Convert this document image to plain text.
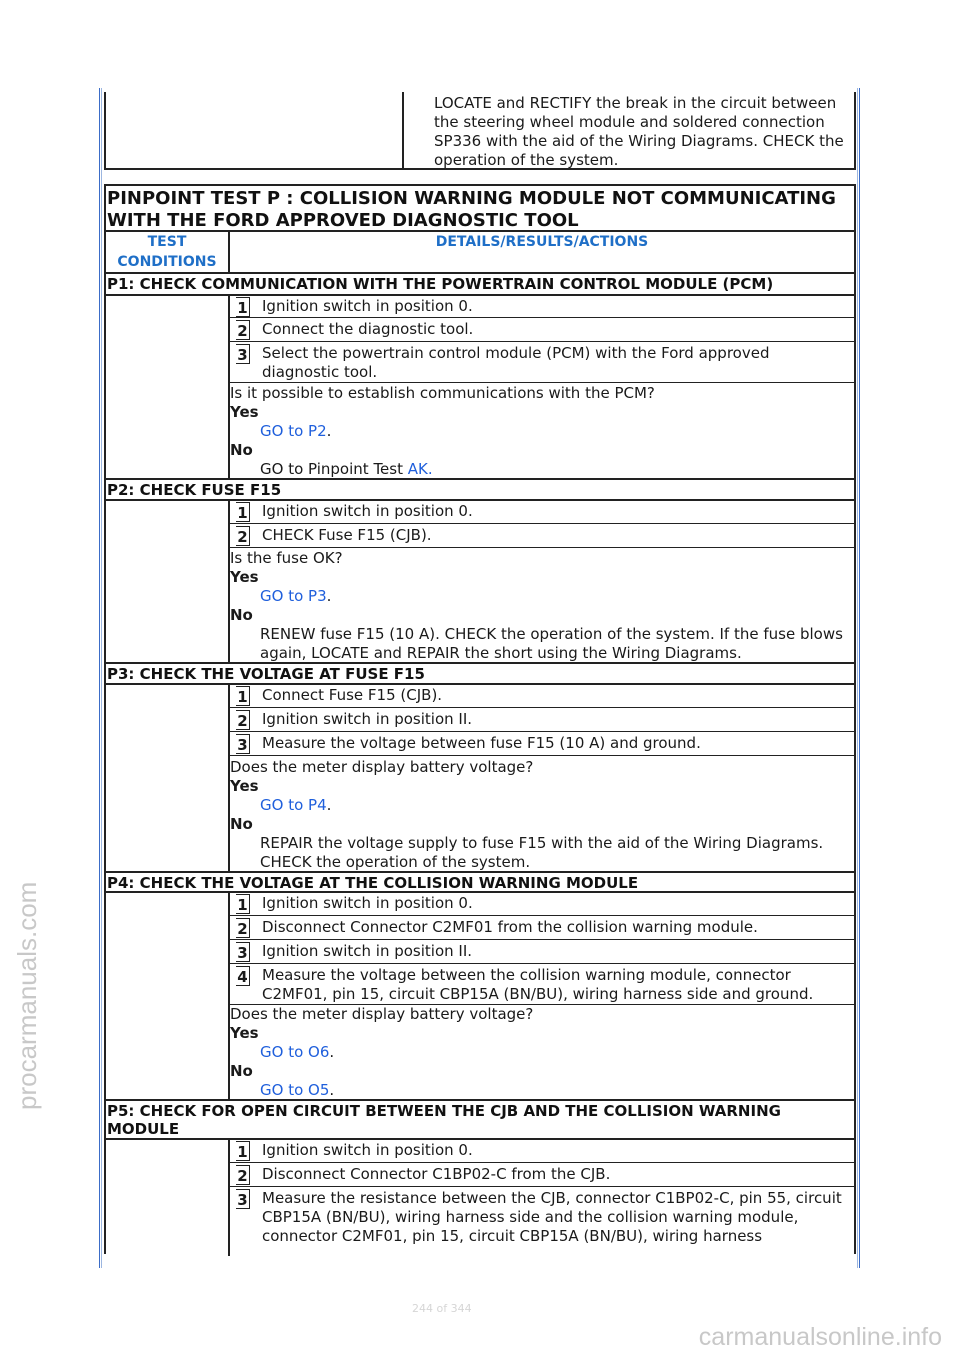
procarmanuals.com
carmanualsonline.info
244 of 344
LOCATE and RECTIFY the break in the circuit between the steering wheel module and soldered connection SP336 with the aid of the Wiring Diagrams. CHECK the operation of the system.
PINPOINT TEST P : COLLISION WARNING MODULE NOT COMMUNICATING WITH THE FORD APPROVED DIAGNOSTIC TOOL
TEST CONDITIONS
DETAILS/RESULTS/ACTIONS
P1: CHECK COMMUNICATION WITH THE POWERTRAIN CONTROL MODULE (PCM)
1 Ignition switch in position 0.
2 Connect the diagnostic tool.
3 Select the powertrain control module (PCM) with the Ford approved diagnostic tool.
Is it possible to establish communications with the PCM?
Yes
GO to P2.
No
GO to Pinpoint Test AK.
P2: CHECK FUSE F15
1 Ignition switch in position 0.
2 CHECK Fuse F15 (CJB).
Is the fuse OK?
Yes
GO to P3.
No
RENEW fuse F15 (10 A). CHECK the operation of the system. If the fuse blows again, LOCATE and REPAIR the short using the Wiring Diagrams.
P3: CHECK THE VOLTAGE AT FUSE F15
1 Connect Fuse F15 (CJB).
2 Ignition switch in position II.
3 Measure the voltage between fuse F15 (10 A) and ground.
Does the meter display battery voltage?
Yes
GO to P4.
No
REPAIR the voltage supply to fuse F15 with the aid of the Wiring Diagrams. CHECK the operation of the system.
P4: CHECK THE VOLTAGE AT THE COLLISION WARNING MODULE
1 Ignition switch in position 0.
2 Disconnect Connector C2MF01 from the collision warning module.
3 Ignition switch in position II.
4 Measure the voltage between the collision warning module, connector C2MF01, pin 15, circuit CBP15A (BN/BU), wiring harness side and ground.
Does the meter display battery voltage?
Yes
GO to O6.
No
GO to O5.
P5: CHECK FOR OPEN CIRCUIT BETWEEN THE CJB AND THE COLLISION WARNING MODULE
1 Ignition switch in position 0.
2 Disconnect Connector C1BP02-C from the CJB.
3 Measure the resistance between the CJB, connector C1BP02-C, pin 55, circuit CBP15A (BN/BU), wiring harness side and the collision warning module, connector C2MF01, pin 15, circuit CBP15A (BN/BU), wiring harness
